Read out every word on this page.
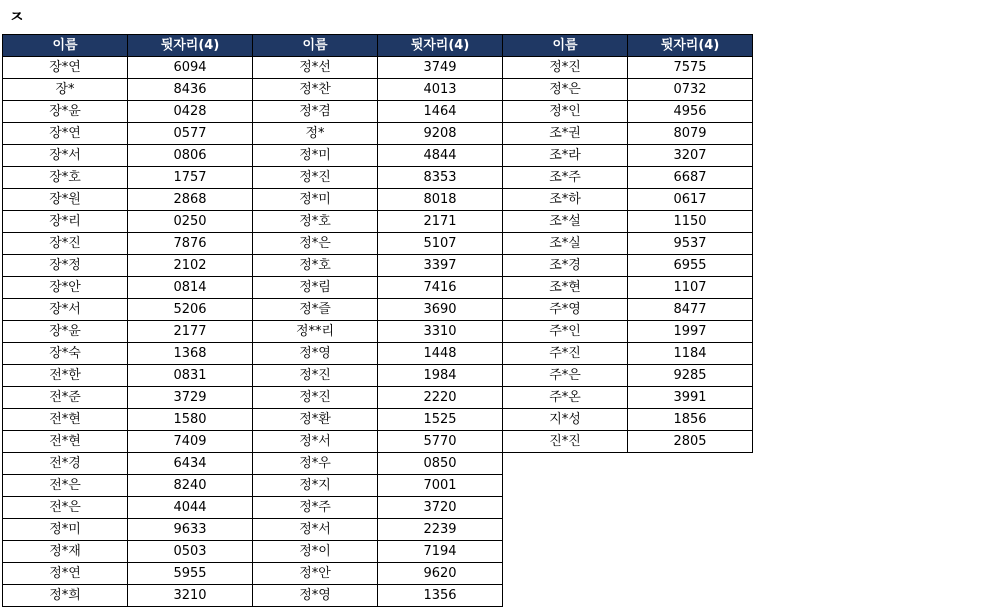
ㅈ
이름	뒷자리(4)
장*연	6094
장*	8436
장*윤	0428
장*연	0577
장*서	0806
장*호	1757
장*원	2868
장*리	0250
장*진	7876
장*정	2102
장*안	0814
장*서	5206
장*윤	2177
장*숙	1368
전*한	0831
전*준	3729
전*현	1580
전*현	7409
전*경	6434
전*은	8240
전*은	4044
정*미	9633
정*재	0503
정*연	5955
정*희	3210
이름	뒷자리(4)
정*선	3749
정*찬	4013
정*겸	1464
정*	9208
정*미	4844
정*진	8353
정*미	8018
정*호	2171
정*은	5107
정*호	3397
정*림	7416
정*즐	3690
정**리	3310
정*영	1448
정*진	1984
정*진	2220
정*환	1525
정*서	5770
정*우	0850
정*지	7001
정*주	3720
정*서	2239
정*이	7194
정*안	9620
정*영	1356
이름	뒷자리(4)
정*진	7575
정*은	0732
정*인	4956
조*권	8079
조*라	3207
조*주	6687
조*하	0617
조*설	1150
조*실	9537
조*경	6955
조*현	1107
주*영	8477
주*인	1997
주*진	1184
주*은	9285
주*온	3991
지*성	1856
진*진	2805
